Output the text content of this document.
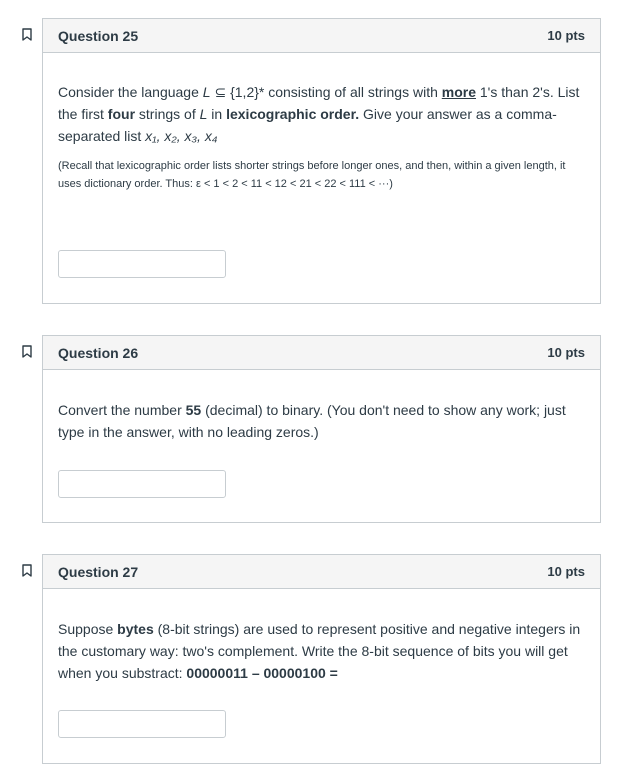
Question 25	10 pts
Consider the language L ⊆ {1,2}* consisting of all strings with more 1's than 2's. List the first four strings of L in lexicographic order. Give your answer as a comma-separated list x₁, x₂, x₃, x₄
(Recall that lexicographic order lists shorter strings before longer ones, and then, within a given length, it uses dictionary order. Thus: ε < 1 < 2 < 11 < 12 < 21 < 22 < 111 < ···)
Question 26	10 pts
Convert the number 55 (decimal) to binary. (You don't need to show any work; just type in the answer, with no leading zeros.)
Question 27	10 pts
Suppose bytes (8-bit strings) are used to represent positive and negative integers in the customary way: two's complement. Write the 8-bit sequence of bits you will get when you substract: 00000011 – 00000100 =
